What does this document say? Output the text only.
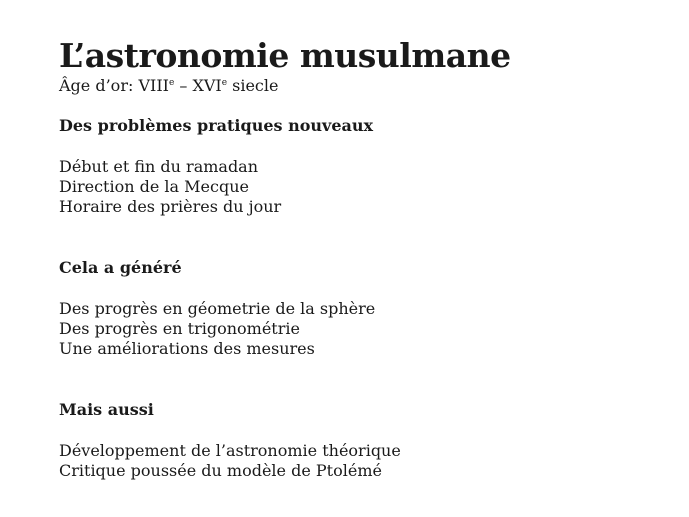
L’astronomie musulmane

Âge d’or: VIIIe – XVIe siecle

Des problèmes pratiques nouveaux

Début et fin du ramadan
Direction de la Mecque
Horaire des prières du jour

Cela a généré

Des progrès en géometrie de la sphère
Des progrès en trigonométrie
Une améliorations des mesures

Mais aussi

Développement de l’astronomie théorique
Critique poussée du modèle de Ptolémé
